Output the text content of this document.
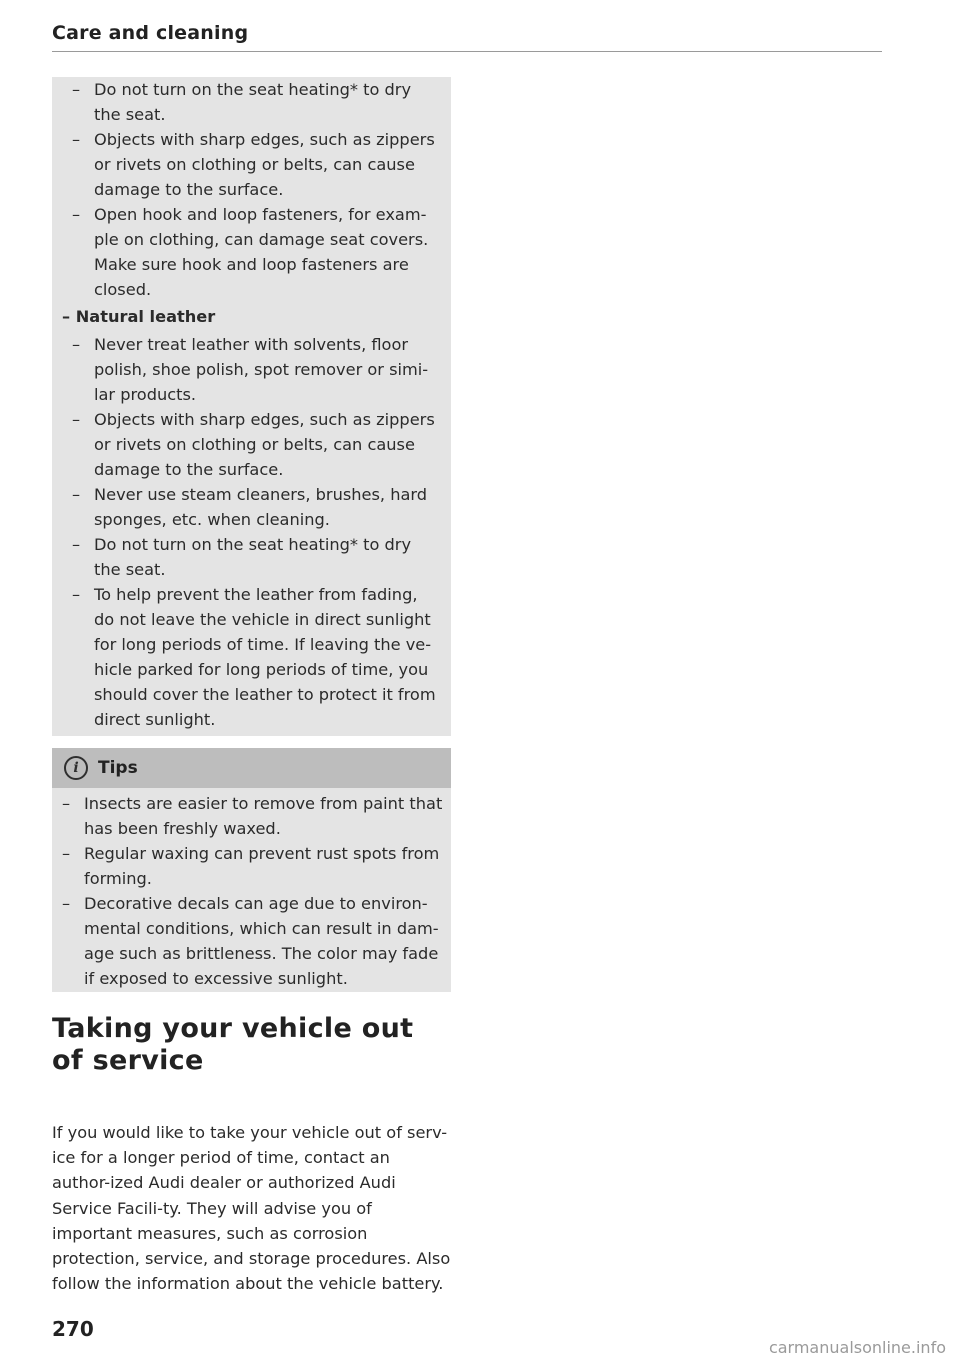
Care and cleaning
– Do not turn on the seat heating* to dry the seat.
– Objects with sharp edges, such as zippers or rivets on clothing or belts, can cause damage to the surface.
– Open hook and loop fasteners, for exam-ple on clothing, can damage seat covers. Make sure hook and loop fasteners are closed.
– Natural leather
– Never treat leather with solvents, floor polish, shoe polish, spot remover or simi-lar products.
– Objects with sharp edges, such as zippers or rivets on clothing or belts, can cause damage to the surface.
– Never use steam cleaners, brushes, hard sponges, etc. when cleaning.
– Do not turn on the seat heating* to dry the seat.
– To help prevent the leather from fading, do not leave the vehicle in direct sunlight for long periods of time. If leaving the ve-hicle parked for long periods of time, you should cover the leather to protect it from direct sunlight.
i	Tips
– Insects are easier to remove from paint that has been freshly waxed.
– Regular waxing can prevent rust spots from forming.
– Decorative decals can age due to environ-mental conditions, which can result in dam-age such as brittleness. The color may fade if exposed to excessive sunlight.
Taking your vehicle out of service
If you would like to take your vehicle out of serv-ice for a longer period of time, contact an author-ized Audi dealer or authorized Audi Service Facili-ty. They will advise you of important measures, such as corrosion protection, service, and storage procedures. Also follow the information about the vehicle battery.
270
carmanualsonline.info
